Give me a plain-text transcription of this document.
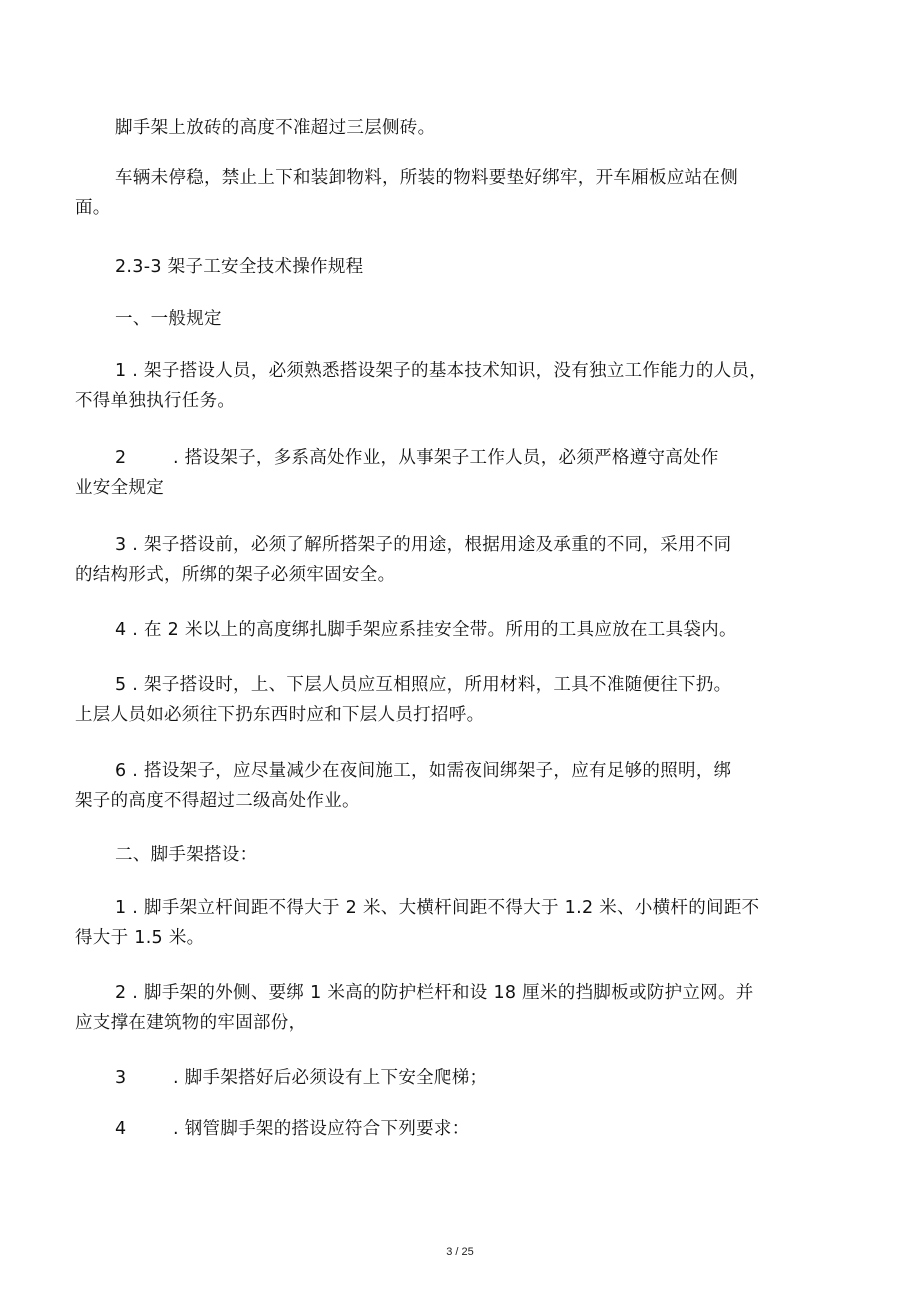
脚手架上放砖的高度不准超过三层侧砖。
车辆未停稳，禁止上下和装卸物料，所装的物料要垫好绑牢，开车厢板应站在侧
面。
2.3-3 架子工安全技术操作规程
一、一般规定
1 . 架子搭设人员，必须熟悉搭设架子的基本技术知识，没有独立工作能力的人员，
不得单独执行任务。
2	. 搭设架子，多系高处作业，从事架子工作人员，必须严格遵守高处作
业安全规定
3 . 架子搭设前，必须了解所搭架子的用途，根据用途及承重的不同，采用不同
的结构形式，所绑的架子必须牢固安全。
4 . 在 2 米以上的高度绑扎脚手架应系挂安全带。所用的工具应放在工具袋内。
5 . 架子搭设时，上、下层人员应互相照应，所用材料，工具不准随便往下扔。
上层人员如必须往下扔东西时应和下层人员打招呼。
6 . 搭设架子，应尽量减少在夜间施工，如需夜间绑架子，应有足够的照明，绑
架子的高度不得超过二级高处作业。
二、脚手架搭设：
1 . 脚手架立杆间距不得大于 2 米、大横杆间距不得大于 1.2 米、小横杆的间距不
得大于 1.5 米。
2 . 脚手架的外侧、要绑 1 米高的防护栏杆和设 18 厘米的挡脚板或防护立网。并
应支撑在建筑物的牢固部份，
3	. 脚手架搭好后必须设有上下安全爬梯；
4	. 钢管脚手架的搭设应符合下列要求：
3 / 25
